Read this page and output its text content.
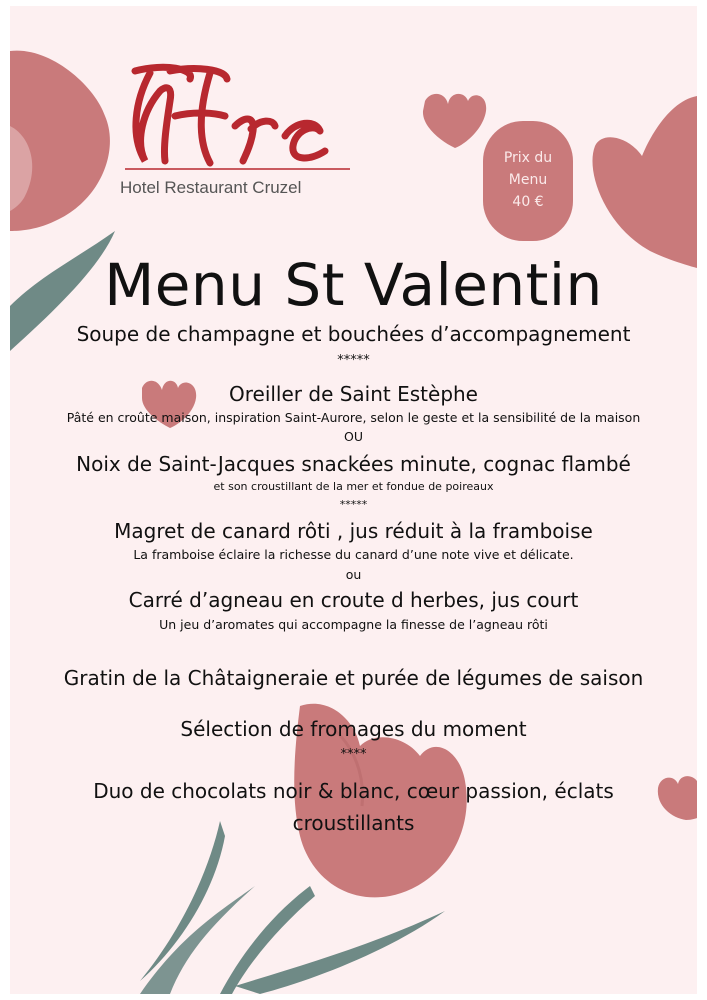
Hotel Restaurant Cruzel
Prix du
Menu
40 €
Menu St Valentin
Soupe de champagne et bouchées d’accompagnement
*****
Oreiller de Saint Estèphe
Pâté en croûte maison, inspiration Saint-Aurore, selon le geste et la sensibilité de la maison
OU
Noix de Saint-Jacques snackées minute, cognac flambé
et son croustillant de la mer et fondue de poireaux
*****
Magret de canard rôti , jus réduit à la framboise
La framboise éclaire la richesse du canard d’une note vive et délicate.
ou
Carré d’agneau en croute d herbes, jus court
Un jeu d’aromates qui accompagne la finesse de l’agneau rôti
Gratin de la Châtaigneraie et purée de légumes de saison
Sélection de fromages du moment
****
Duo de chocolats noir & blanc, cœur passion, éclats
croustillants
